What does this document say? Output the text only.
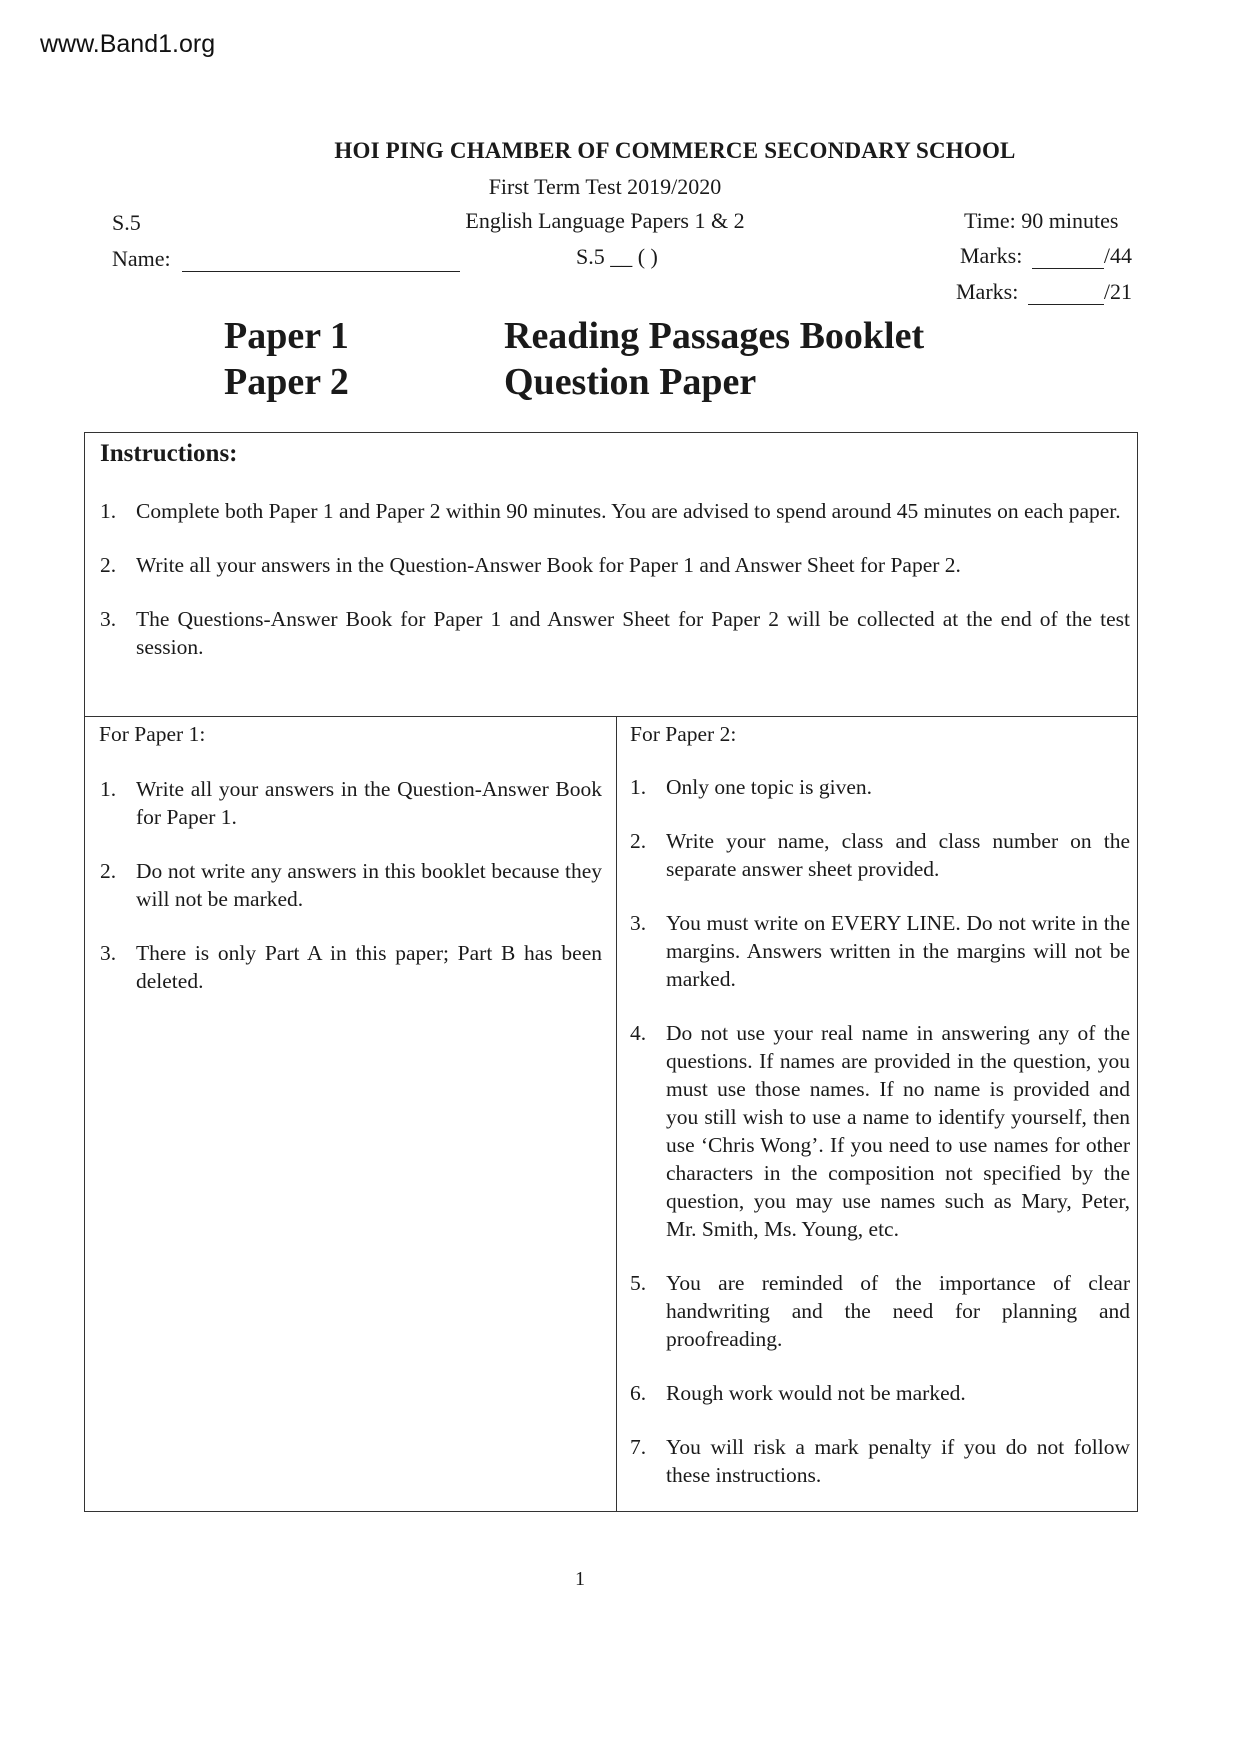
www.Band1.org
HOI PING CHAMBER OF COMMERCE SECONDARY SCHOOL
First Term Test 2019/2020
S.5	English Language Papers 1 & 2	Time: 90 minutes
Name:	S.5 __ ( )	Marks:	/44
Marks:	/21
Paper 1	Reading Passages Booklet
Paper 2	Question Paper
Instructions:
1. Complete both Paper 1 and Paper 2 within 90 minutes. You are advised to spend around 45 minutes on each paper.
2. Write all your answers in the Question-Answer Book for Paper 1 and Answer Sheet for Paper 2.
3. The Questions-Answer Book for Paper 1 and Answer Sheet for Paper 2 will be collected at the end of the test session.
For Paper 1:
1. Write all your answers in the Question-Answer Book for Paper 1.
2. Do not write any answers in this booklet because they will not be marked.
3. There is only Part A in this paper; Part B has been deleted.
For Paper 2:
1. Only one topic is given.
2. Write your name, class and class number on the separate answer sheet provided.
3. You must write on EVERY LINE. Do not write in the margins. Answers written in the margins will not be marked.
4. Do not use your real name in answering any of the questions. If names are provided in the question, you must use those names. If no name is provided and you still wish to use a name to identify yourself, then use ‘Chris Wong’. If you need to use names for other characters in the composition not specified by the question, you may use names such as Mary, Peter, Mr. Smith, Ms. Young, etc.
5. You are reminded of the importance of clear handwriting and the need for planning and proofreading.
6. Rough work would not be marked.
7. You will risk a mark penalty if you do not follow these instructions.
1
